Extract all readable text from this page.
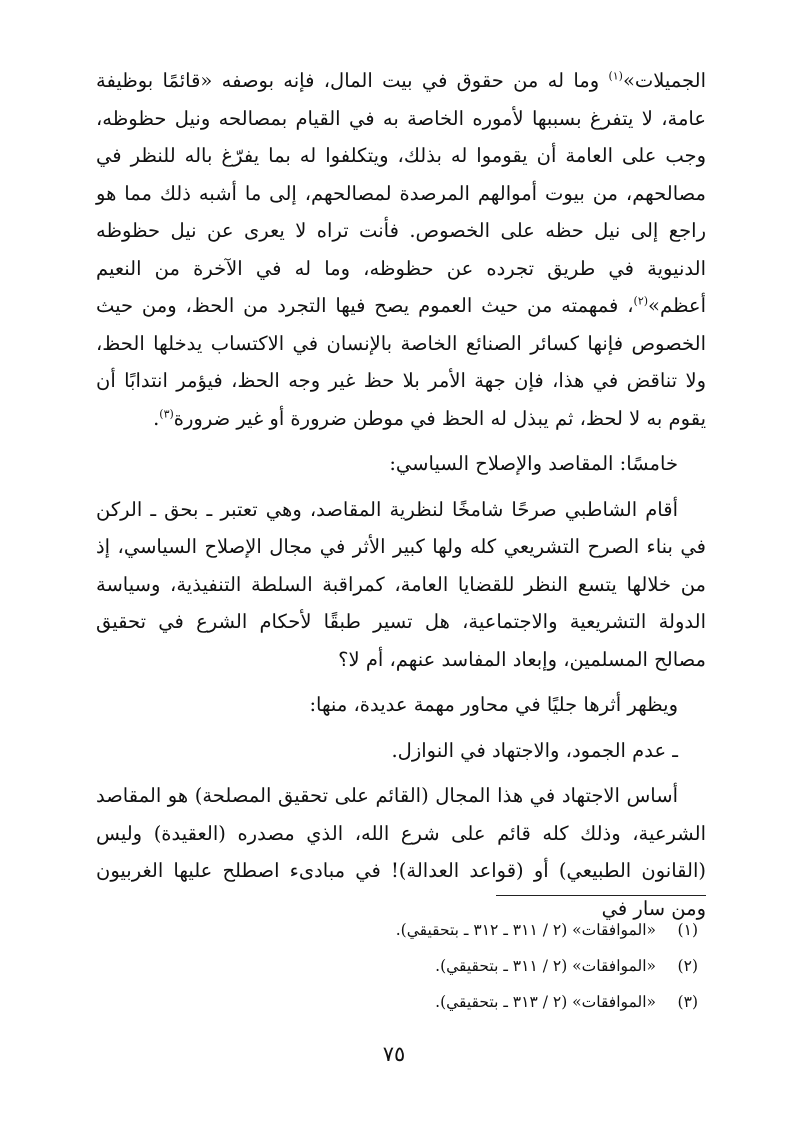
الجميلات»$^{(١)}$ وما له من حقوق في بيت المال، فإنه بوصفه «قائمًا بوظيفة عامة، لا يتفرغ بسببها لأموره الخاصة به في القيام بمصالحه ونيل حظوظه، وجب على العامة أن يقوموا له بذلك، ويتكلفوا له بما يفرّغ باله للنظر في مصالحهم، من بيوت أموالهم المرصدة لمصالحهم، إلى ما أشبه ذلك مما هو راجع إلى نيل حظه على الخصوص. فأنت تراه لا يعرى عن نيل حظوظه الدنيوية في طريق تجرده عن حظوظه، وما له في الآخرة من النعيم أعظم»$^{(٢)}$، فمهمته من حيث العموم يصح فيها التجرد من الحظ، ومن حيث الخصوص فإنها كسائر الصنائع الخاصة بالإنسان في الاكتساب يدخلها الحظ، ولا تناقض في هذا، فإن جهة الأمر بلا حظ غير وجه الحظ، فيؤمر انتدابًا أن يقوم به لا لحظ، ثم يبذل له الحظ في موطن ضرورة أو غير ضرورة$^{(٣)}$.

خامسًا: المقاصد والإصلاح السياسي:

أقام الشاطبي صرحًا شامخًا لنظرية المقاصد، وهي تعتبر ـ بحق ـ الركن في بناء الصرح التشريعي كله ولها كبير الأثر في مجال الإصلاح السياسي، إذ من خلالها يتسع النظر للقضايا العامة، كمراقبة السلطة التنفيذية، وسياسة الدولة التشريعية والاجتماعية، هل تسير طبقًا لأحكام الشرع في تحقيق مصالح المسلمين، وإبعاد المفاسد عنهم، أم لا؟

ويظهر أثرها جليًا في محاور مهمة عديدة، منها:

ـ عدم الجمود، والاجتهاد في النوازل.

أساس الاجتهاد في هذا المجال (القائم على تحقيق المصلحة) هو المقاصد الشرعية، وذلك كله قائم على شرع الله، الذي مصدره (العقيدة) وليس (القانون الطبيعي) أو (قواعد العدالة)! في مبادىء اصطلح عليها الغربيون ومن سار في

(١)«الموافقات» (٢ / ٣١١ ـ ٣١٢ ـ بتحقيقي).

(٢)«الموافقات» (٢ / ٣١١ ـ بتحقيقي).

(٣)«الموافقات» (٢ / ٣١٣ ـ بتحقيقي).

٧٥
